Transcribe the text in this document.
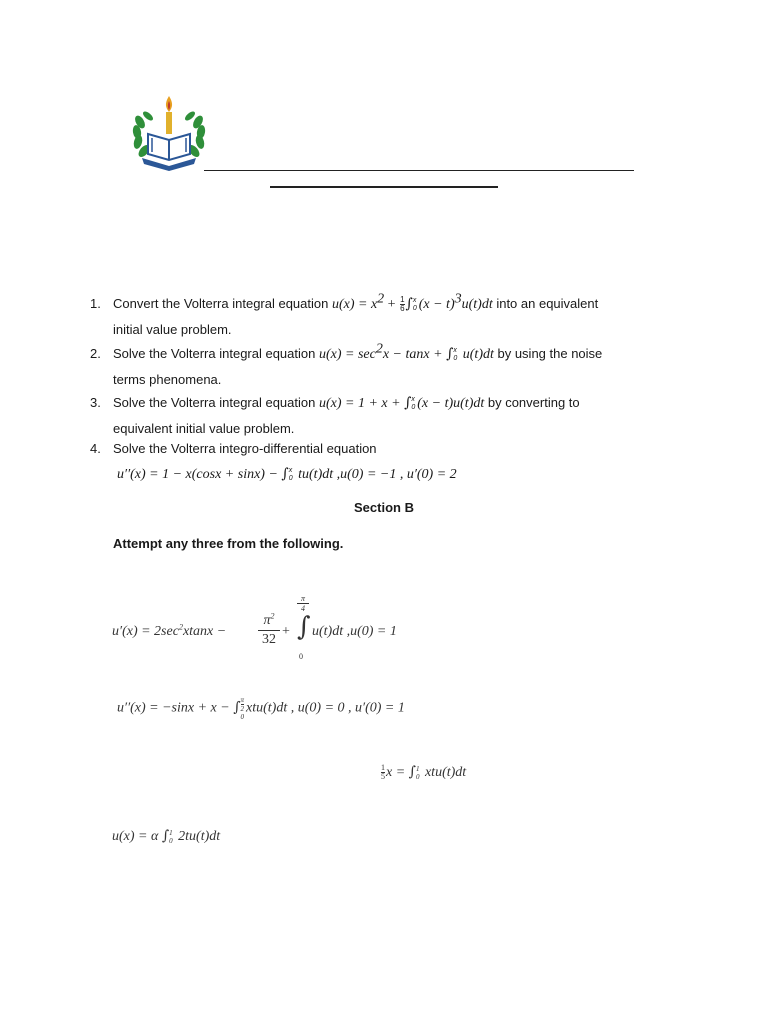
1. Convert the Volterra integral equation $u(x) = x^2 + \frac{1}{6}$ ∫ x
0 $(x - t)^3u(t)dt$ into an equivalent
initial value problem.
2. Solve the Volterra integral equation $u(x) = \sec^2x - \tan x$ + ∫ x
0 u(t)dt by using the noise
terms phenomena.
3. Solve the Volterra integral equation u(x) = 1 + x + ∫ x
0 (x − t)u(t)dt by converting to
equivalent initial value problem.
4. Solve the Volterra integro-differential equation
u′′(x) = 1 − x(cosx + sinx) − ∫ x
0 tu(t)dt ,u(0) = −1 , u′(0) = 2
Section B
Attempt any three from the following.
$u'(x) = 2\sec^2xtanx$ −
$\pi^2$
32
+
$\frac{\pi}{4}$
∫
0
u(t)dt ,u(0) = 1
u′′(x) = −sinx + x − ∫ $\frac{\pi}{2}$
0
xtu(t)dt , u(0) = 0 , u′(0) = 1
$\frac{1}{5}$ x = ∫ 1
0 xtu(t)dt
u(x) = α ∫ 1
0 2tu(t)dt
